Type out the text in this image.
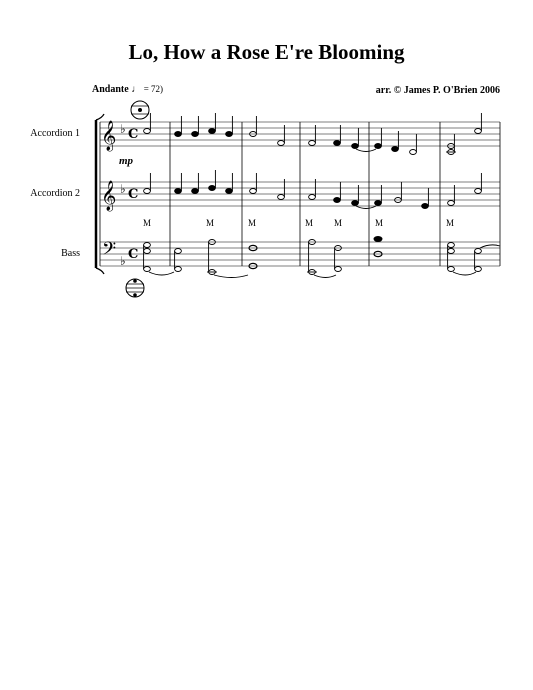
Lo, How a Rose E're Blooming
Andante ♩ = 72)	arr. © James P. O'Brien 2006
Accordion 1
Accordion 2
Bass
mp
M	M	M	M M	M	M
𝄞
𝄞
𝄢
♭
♭
♭
C
C
C
